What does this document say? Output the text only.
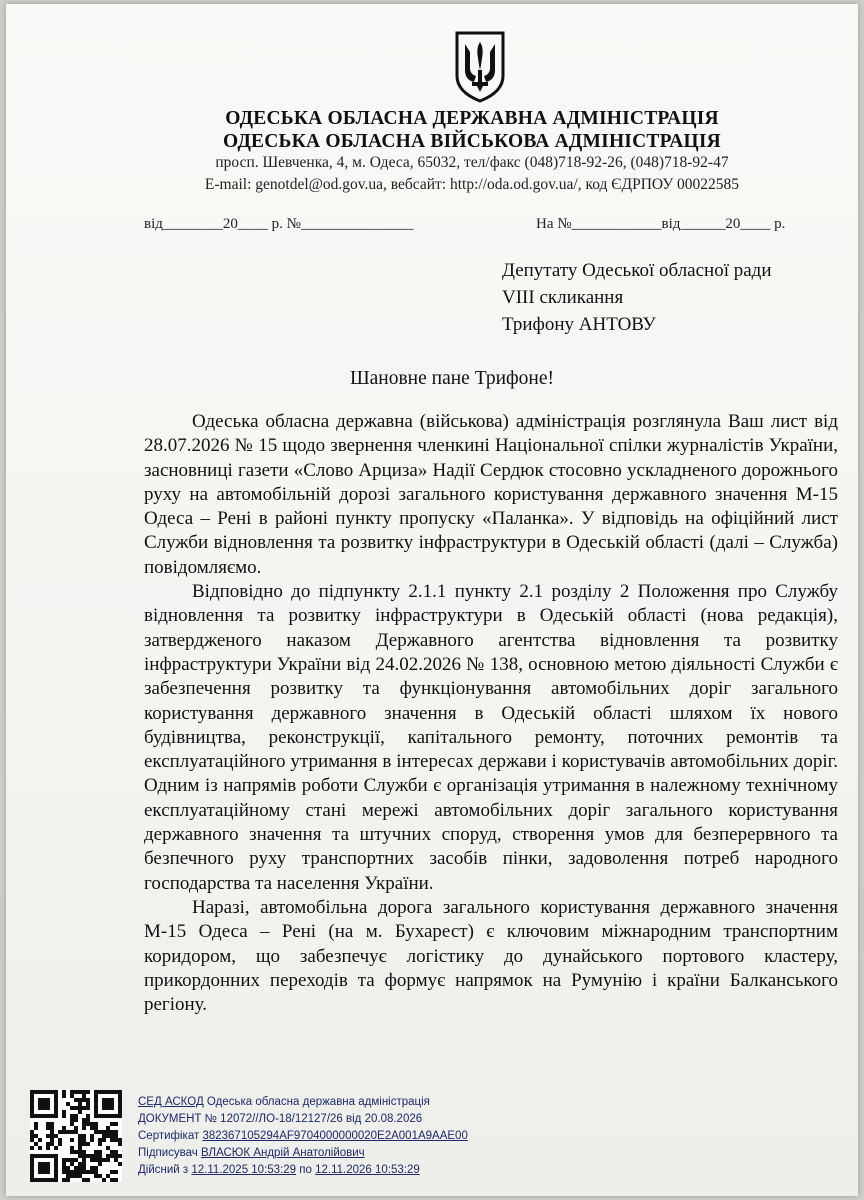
ОДЕСЬКА ОБЛАСНА ДЕРЖАВНА АДМІНІСТРАЦІЯ
ОДЕСЬКА ОБЛАСНА ВІЙСЬКОВА АДМІНІСТРАЦІЯ
просп. Шевченка, 4, м. Одеса, 65032, тел/факс (048)718-92-26, (048)718-92-47
E-mail: genotdel@od.gov.ua, вебсайт: http://oda.od.gov.ua/, код ЄДРПОУ 00022585
від________20____ р. №_______________	На №____________від______20____ р.
Депутату Одеської обласної ради
VIII скликання
Трифону АНТОВУ
Шановне пане Трифоне!

Одеська обласна державна (військова) адміністрація розглянула Ваш лист від 28.07.2026 № 15 щодо звернення членкині Національної спілки журналістів України, засновниці газети «Слово Арциза» Надії Сердюк стосовно ускладненого дорожнього руху на автомобільній дорозі загального користування державного значення М-15 Одеса – Рені в районі пункту пропуску «Паланка». У відповідь на офіційний лист Служби відновлення та розвитку інфраструктури в Одеській області (далі – Служба) повідомляємо.

Відповідно до підпункту 2.1.1 пункту 2.1 розділу 2 Положення про Службу відновлення та розвитку інфраструктури в Одеській області (нова редакція), затвердженого наказом Державного агентства відновлення та розвитку інфраструктури України від 24.02.2026 № 138, основною метою діяльності Служби є забезпечення розвитку та функціонування автомобільних доріг загального користування державного значення в Одеській області шляхом їх нового будівництва, реконструкції, капітального ремонту, поточних ремонтів та експлуатаційного утримання в інтересах держави і користувачів автомобільних доріг. Одним із напрямів роботи Служби є організація утримання в належному технічному експлуатаційному стані мережі автомобільних доріг загального користування державного значення та штучних споруд, створення умов для безперервного та безпечного руху транспортних засобів пінки, задоволення потреб народного господарства та населення України.

Наразі, автомобільна дорога загального користування державного значення М-15 Одеса – Рені (на м. Бухарест) є ключовим міжнародним транспортним коридором, що забезпечує логістику до дунайського портового кластеру, прикордонних переходів та формує напрямок на Румунію і країни Балканського регіону.

СЕД АСКОД Одеська обласна державна адміністрація
ДОКУМЕНТ № 12072//ЛО-18/12127/26 від 20.08.2026
Сертифікат 382367105294AF9704000000020E2A001A9AAE00
Підписувач ВЛАСЮК Андрій Анатолійович
Дійсний з 12.11.2025 10:53:29 по 12.11.2026 10:53:29
